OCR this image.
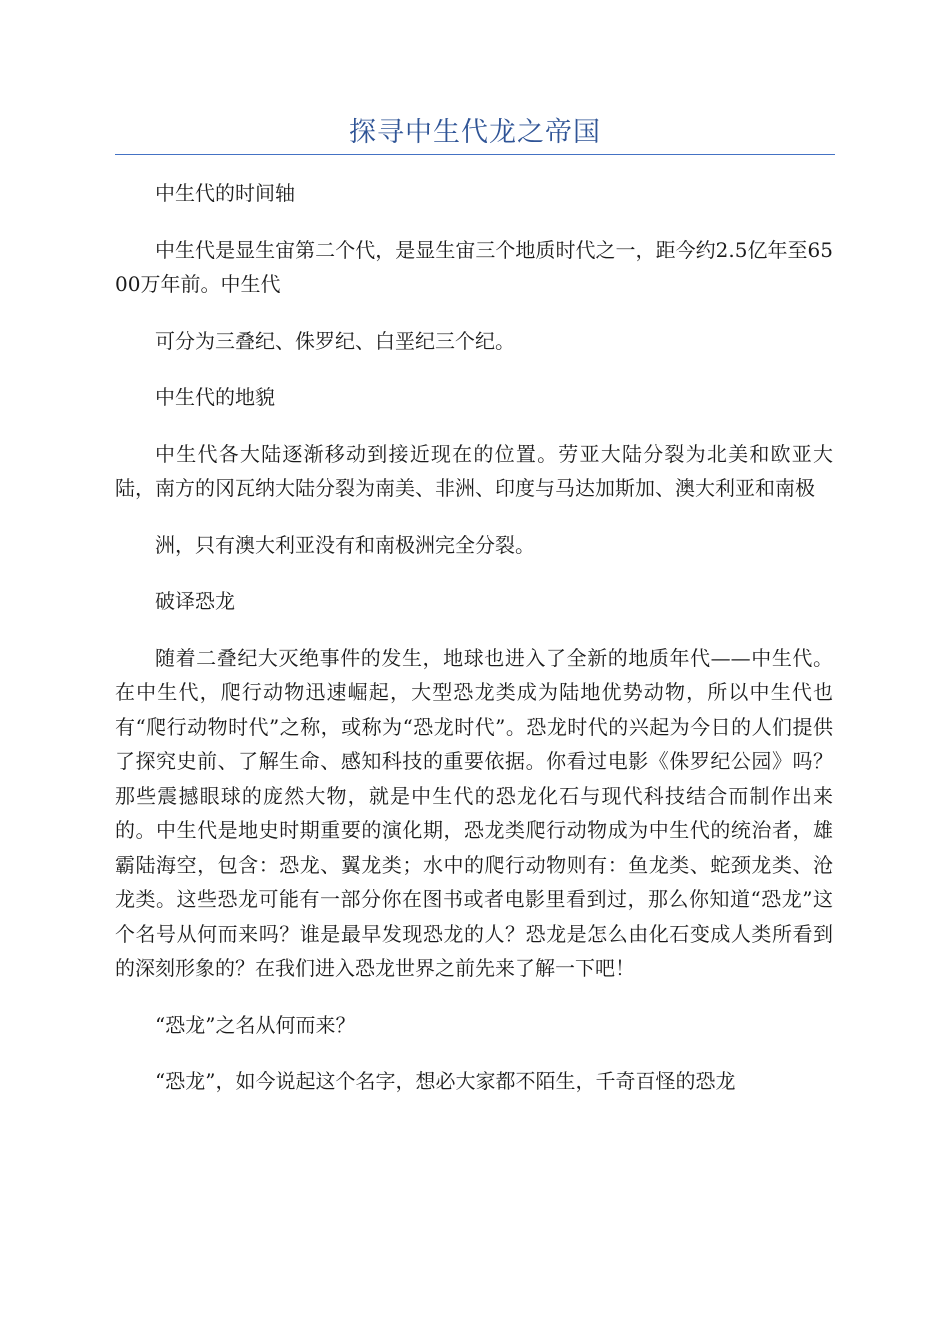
探寻中生代龙之帝国

中生代的时间轴

中生代是显生宙第二个代，是显生宙三个地质时代之一，距今约2.5亿年至6500万年前。中生代

可分为三叠纪、侏罗纪、白垩纪三个纪。

中生代的地貌

中生代各大陆逐渐移动到接近现在的位置。劳亚大陆分裂为北美和欧亚大陆，南方的冈瓦纳大陆分裂为南美、非洲、印度与马达加斯加、澳大利亚和南极

洲，只有澳大利亚没有和南极洲完全分裂。

破译恐龙

随着二叠纪大灭绝事件的发生，地球也进入了全新的地质年代——中生代。在中生代，爬行动物迅速崛起，大型恐龙类成为陆地优势动物，所以中生代也有“爬行动物时代”之称，或称为“恐龙时代”。恐龙时代的兴起为今日的人们提供了探究史前、了解生命、感知科技的重要依据。你看过电影《侏罗纪公园》吗？那些震撼眼球的庞然大物，就是中生代的恐龙化石与现代科技结合而制作出来的。中生代是地史时期重要的演化期，恐龙类爬行动物成为中生代的统治者，雄霸陆海空，包含：恐龙、翼龙类；水中的爬行动物则有：鱼龙类、蛇颈龙类、沧龙类。这些恐龙可能有一部分你在图书或者电影里看到过，那么你知道“恐龙”这个名号从何而来吗？谁是最早发现恐龙的人？恐龙是怎么由化石变成人类所看到的深刻形象的？在我们进入恐龙世界之前先来了解一下吧！

“恐龙”之名从何而来？

“恐龙”，如今说起这个名字，想必大家都不陌生，千奇百怪的恐龙
